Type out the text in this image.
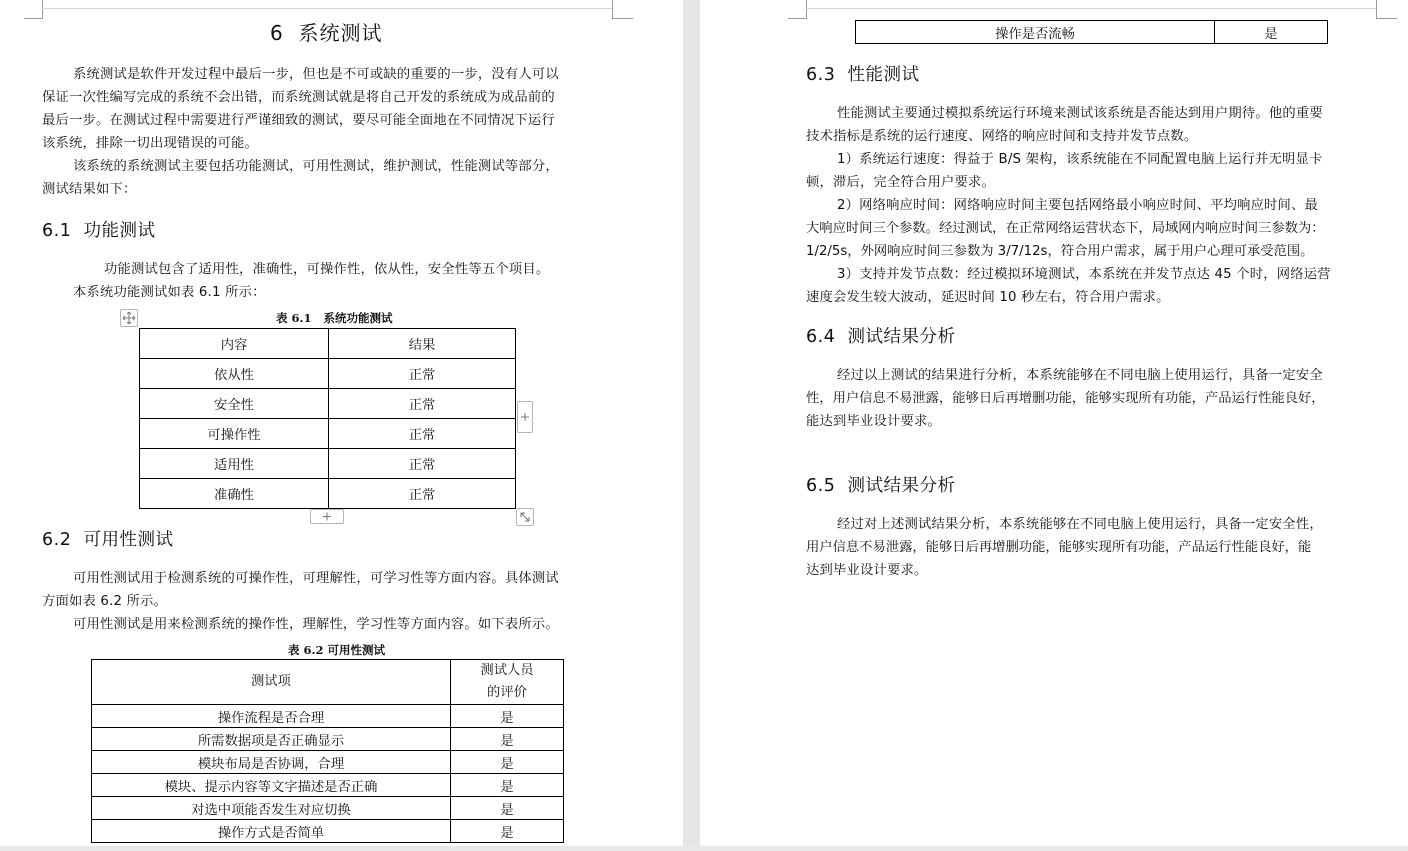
6  系统测试
系统测试是软件开发过程中最后一步，但也是不可或缺的重要的一步，没有人可以
保证一次性编写完成的系统不会出错，而系统测试就是将自己开发的系统成为成品前的
最后一步。在测试过程中需要进行严谨细致的测试，要尽可能全面地在不同情况下运行
该系统，排除一切出现错误的可能。
该系统的系统测试主要包括功能测试，可用性测试，维护测试，性能测试等部分，
测试结果如下：
6.1  功能测试
功能测试包含了适用性，准确性，可操作性，依从性，安全性等五个项目。
本系统功能测试如表 6.1 所示：
表 6.1   系统功能测试
内容	结果
依从性	正常
安全性	正常
可操作性	正常
适用性	正常
准确性	正常
6.2  可用性测试
可用性测试用于检测系统的可操作性，可理解性，可学习性等方面内容。具体测试
方面如表 6.2 所示。
可用性测试是用来检测系统的操作性，理解性，学习性等方面内容。如下表所示。
表 6.2 可用性测试
测试项	测试人员
的评价

操作流程是否合理	是
所需数据项是否正确显示	是
模块布局是否协调，合理	是
模块、提示内容等文字描述是否正确	是
对选中项能否发生对应切换	是
操作方式是否简单	是
操作是否流畅	是
6.3  性能测试
性能测试主要通过模拟系统运行环境来测试该系统是否能达到用户期待。他的重要
技术指标是系统的运行速度、网络的响应时间和支持并发节点数。
1）系统运行速度：得益于 B/S 架构，该系统能在不同配置电脑上运行并无明显卡
顿，滞后，完全符合用户要求。
2）网络响应时间：网络响应时间主要包括网络最小响应时间、平均响应时间、最
大响应时间三个参数。经过测试，在正常网络运营状态下，局域网内响应时间三参数为：
1/2/5s，外网响应时间三参数为 3/7/12s，符合用户需求，属于用户心理可承受范围。
3）支持并发节点数：经过模拟环境测试，本系统在并发节点达 45 个时，网络运营
速度会发生较大波动，延迟时间 10 秒左右，符合用户需求。
6.4  测试结果分析
经过以上测试的结果进行分析，本系统能够在不同电脑上使用运行，具备一定安全
性，用户信息不易泄露，能够日后再增删功能，能够实现所有功能，产品运行性能良好，
能达到毕业设计要求。
6.5  测试结果分析
经过对上述测试结果分析，本系统能够在不同电脑上使用运行，具备一定安全性，
用户信息不易泄露，能够日后再增删功能，能够实现所有功能，产品运行性能良好，能
达到毕业设计要求。
